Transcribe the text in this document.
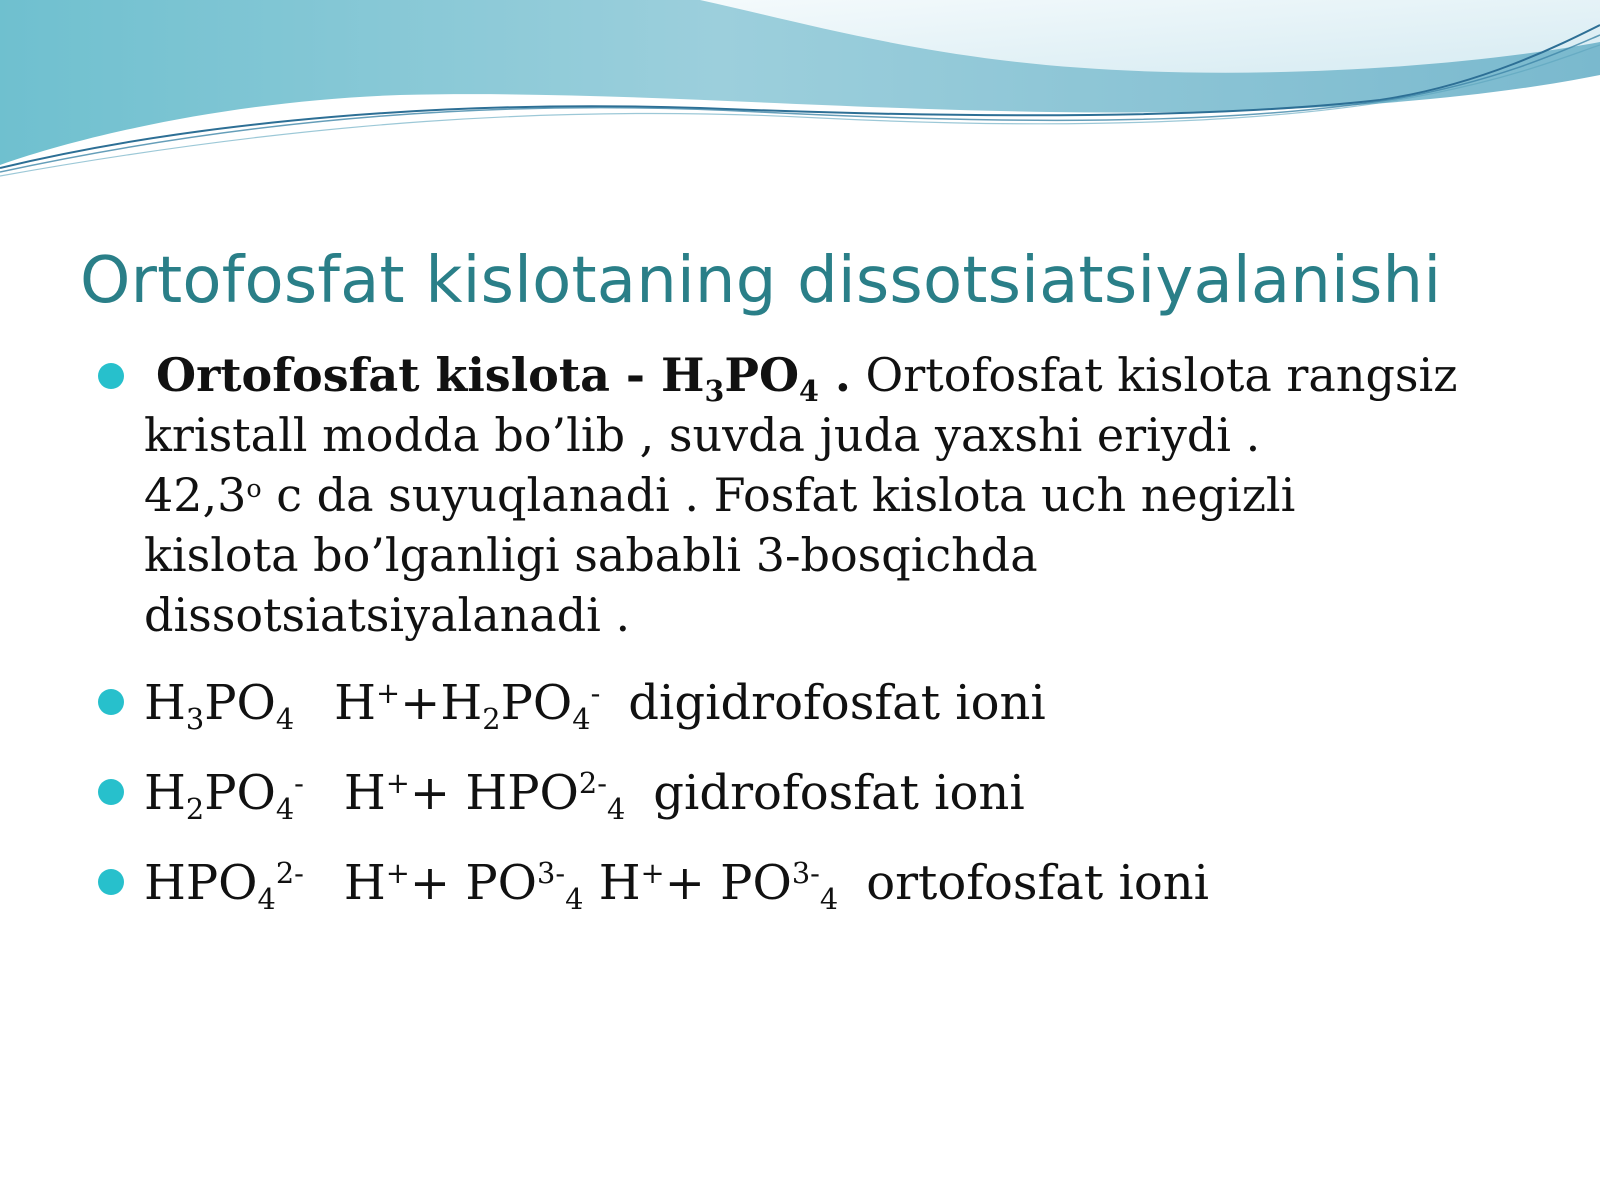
Ortofosfat kislotaning dissotsiatsiyalanishi
Ortofosfat kislota - $H_3PO_4$ . Ortofosfat kislota rangsiz
kristall modda bo’lib , suvda juda yaxshi eriydi .
42,3$^o$ c da suyuqlanadi . Fosfat kislota uch negizli
kislota bo’lganligi sababli 3-bosqichda
dissotsiatsiyalanadi .
$H_3PO_4$ $H^++H_2PO_4^-$ digidrofosfat ioni
$H_2PO_4^-$ $H^++ HPO^{2-}_4$ gidrofosfat ioni
$HPO_4^{2-}$ $H^++ PO^{3-}_4$ $H^++ PO^{3-}_4$ ortofosfat ioni
